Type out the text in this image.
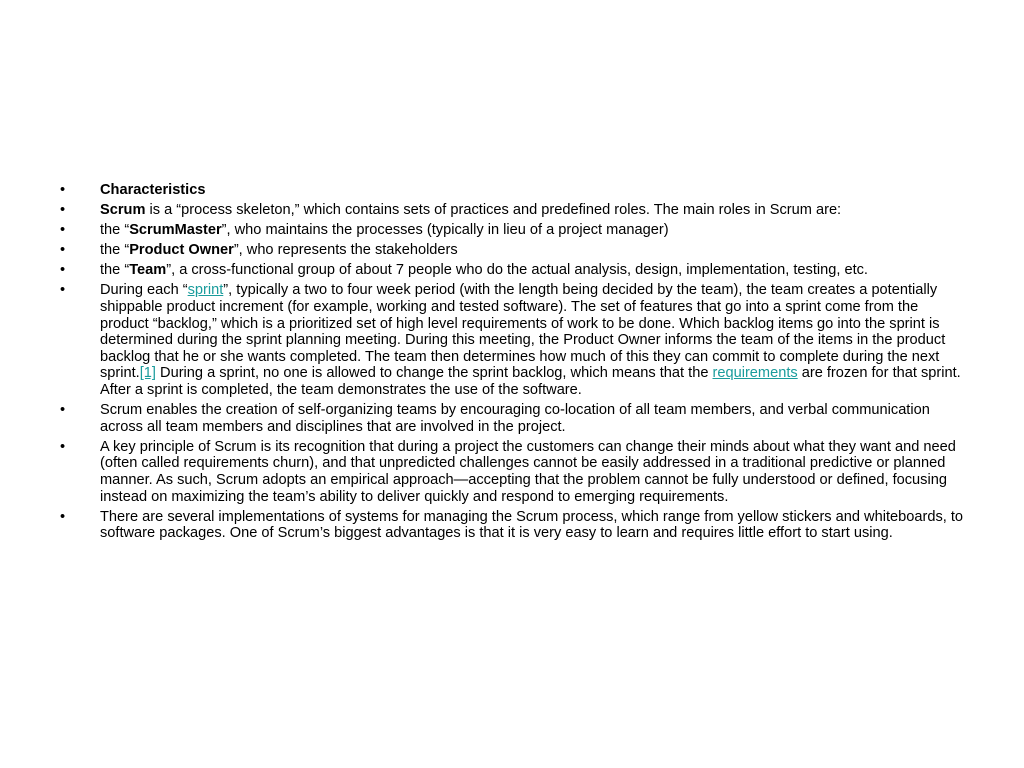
• Characteristics
• Scrum is a “process skeleton,” which contains sets of practices and predefined roles. The main roles in Scrum are:
• the “ScrumMaster”, who maintains the processes (typically in lieu of a project manager)
• the “Product Owner”, who represents the stakeholders
• the “Team”, a cross-functional group of about 7 people who do the actual analysis, design, implementation, testing, etc.
• During each “sprint”, typically a two to four week period (with the length being decided by the team), the team creates a potentially shippable product increment (for example, working and tested software). The set of features that go into a sprint come from the product “backlog,” which is a prioritized set of high level requirements of work to be done. Which backlog items go into the sprint is determined during the sprint planning meeting. During this meeting, the Product Owner informs the team of the items in the product backlog that he or she wants completed. The team then determines how much of this they can commit to complete during the next sprint.[1] During a sprint, no one is allowed to change the sprint backlog, which means that the requirements are frozen for that sprint. After a sprint is completed, the team demonstrates the use of the software.
• Scrum enables the creation of self-organizing teams by encouraging co-location of all team members, and verbal communication across all team members and disciplines that are involved in the project.
• A key principle of Scrum is its recognition that during a project the customers can change their minds about what they want and need (often called requirements churn), and that unpredicted challenges cannot be easily addressed in a traditional predictive or planned manner. As such, Scrum adopts an empirical approach—accepting that the problem cannot be fully understood or defined, focusing instead on maximizing the team’s ability to deliver quickly and respond to emerging requirements.
• There are several implementations of systems for managing the Scrum process, which range from yellow stickers and whiteboards, to software packages. One of Scrum’s biggest advantages is that it is very easy to learn and requires little effort to start using.
